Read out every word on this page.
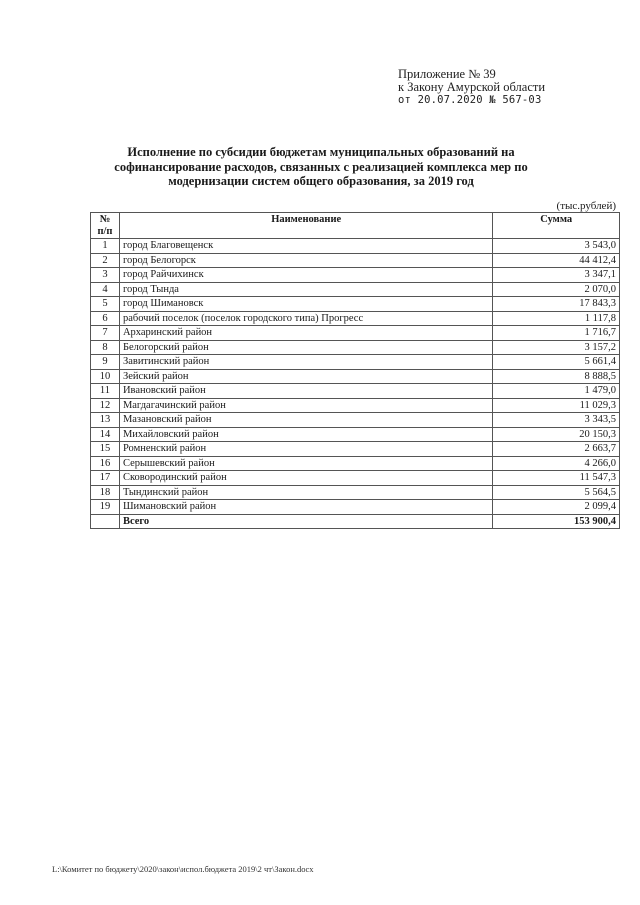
Приложение № 39
к Закону Амурской области
от 20.07.2020 № 567-03
Исполнение по субсидии бюджетам муниципальных образований на софинансирование расходов, связанных с реализацией комплекса мер по модернизации систем общего образования, за 2019 год
(тыс.рублей)
№ п/п	Наименование	Сумма
1	город Благовещенск	3 543,0
2	город Белогорск	44 412,4
3	город Райчихинск	3 347,1
4	город Тында	2 070,0
5	город Шимановск	17 843,3
6	рабочий поселок (поселок городского типа) Прогресс	1 117,8
7	Архаринский район	1 716,7
8	Белогорский район	3 157,2
9	Завитинский район	5 661,4
10	Зейский район	8 888,5
11	Ивановский район	1 479,0
12	Магдагачинский район	11 029,3
13	Мазановский район	3 343,5
14	Михайловский район	20 150,3
15	Ромненский район	2 663,7
16	Серышевский район	4 266,0
17	Сковородинский район	11 547,3
18	Тындинский район	5 564,5
19	Шимановский район	2 099,4
	Всего	153 900,4
L:\Комитет по бюджету\2020\закон\испол.бюджета 2019\2 чт\Закон.docx
